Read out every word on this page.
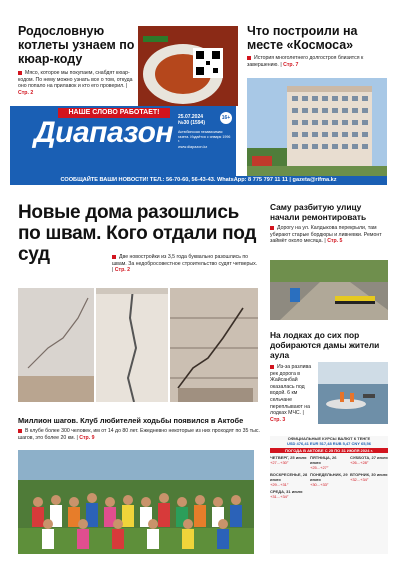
Родословную котлеты узнаем по кюар-коду
Мясо, которое мы покупаем, снабдят кюар-кодом. По нему можно узнать все о том, откуда оно попало на прилавок и кто его проверил. | Стр. 2
Что построили на месте «Космоса»
История многолетнего долгостроя близится к завершению. | Стр. 7
НАШЕ СЛОВО РАБОТАЕТ!
Диапазон 25.07.2024
№30 (1594)
Актюбинская независимая газета. Издаётся с января 1996 г.
www.diapazon.kz
16+
СООБЩАЙТЕ ВАШИ НОВОСТИ! ТЕЛ.: 56-70-60, 56-43-43. WhatsApp: 8 775 797 11 11 | gazeta@rifma.kz
Новые дома разошлись по швам. Кого отдали под суд	Две новостройки из 3,5 года буквально разошлись по швам. За недобросовестное строительство судят четверых. | Стр. 2
Саму разбитую улицу начали ремонтировать
Дорогу на ул. Калдыкова перекрыли, там убирают старые бордюры и ливневки. Ремонт займёт около месяца. | Стр. 5
На лодках до сих пор добираются дамы жители аула
Из-за разлива рек дорога в Жайсанбай оказалась под водой. 6 км сельчане переплывают на лодках МЧС. | Стр. 3
Миллион шагов. Клуб любителей ходьбы появился в Актобе
В клубе более 300 человек, им от 14 до 80 лет. Ежедневно некоторые из них проходят по 35 тыс. шагов, это более 20 км. | Стр. 9	ОФИЦИАЛЬНЫЕ КУРСЫ ВАЛЮТ К ТЕНГЕ
USD 476,41 EUR 517,48 RUB 5,47 CNY 65,56
ПОГОДА В АКТОБЕ С 25 ПО 31 ИЮЛЯ 2024 г.
ЧЕТВЕРГ, 25 июля
+27...+30°
ПЯТНИЦА, 26 июля
+25...+27°
СУББОТА, 27 июля
+26...+28°
ВОСКРЕСЕНЬЕ, 28 июля
+29...+31°
ПОНЕДЕЛЬНИК, 29 июля
+30...+33°
ВТОРНИК, 30 июля
+32...+34°
СРЕДА, 31 июля
+31...+34°
